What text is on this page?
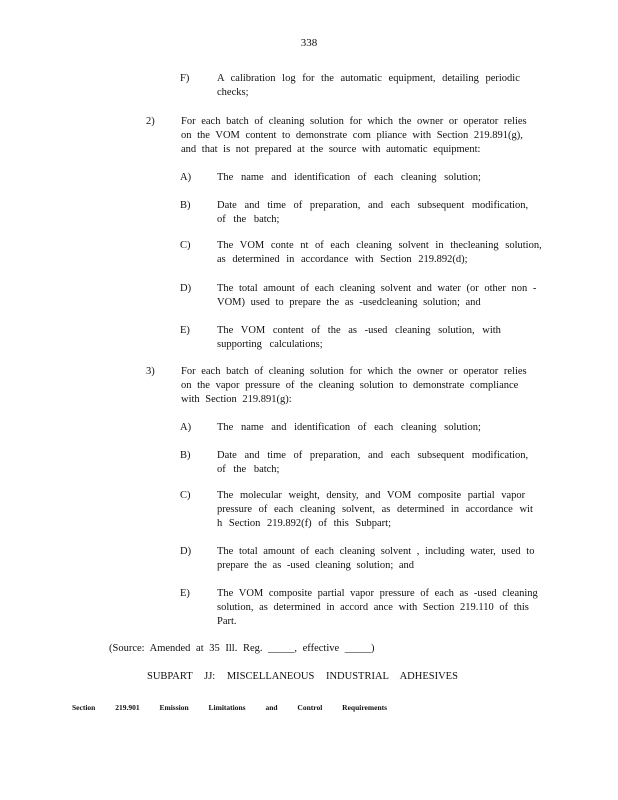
338
F)	A calibration log for the automatic equipment, detailing periodic checks;
2)	For each batch of cleaning solution for which the owner or operator relies on the VOM content to demonstrate com pliance with Section 219.891(g), and that is not prepared at the source with automatic equipment:
A)	The name and identification of each cleaning solution;
B)	Date and time of preparation, and each subsequent modification, of the batch;
C)	The VOM conte nt of each cleaning solvent in thecleaning solution, as determined in accordance with Section 219.892(d);
D)	The total amount of each cleaning solvent and water (or other non - VOM) used to prepare the as -usedcleaning solution; and
E)	The VOM content of the as -used cleaning solution, with supporting calculations;
3)	For each batch of cleaning solution for which the owner or operator relies on the vapor pressure of the cleaning solution to demonstrate compliance with Section 219.891(g):
A)	The name and identification of each cleaning solution;
B)	Date and time of preparation, and each subsequent modification, of the batch;
C)	The molecular weight, density, and VOM composite partial vapor pressure of each cleaning solvent, as determined in accordance wit h Section 219.892(f) of this Subpart;
D)	The total amount of each cleaning solvent , including water, used to prepare the as -used cleaning solution; and
E)	The VOM composite partial vapor pressure of each as -used cleaning solution, as determined in accord ance with Section 219.110 of this Part.
(Source: Amended at 35 Ill. Reg. _____, effective _____)
SUBPART JJ: MISCELLANEOUS INDUSTRIAL ADHESIVES
Section 219.901 Emission Limitations and Control Requirements
